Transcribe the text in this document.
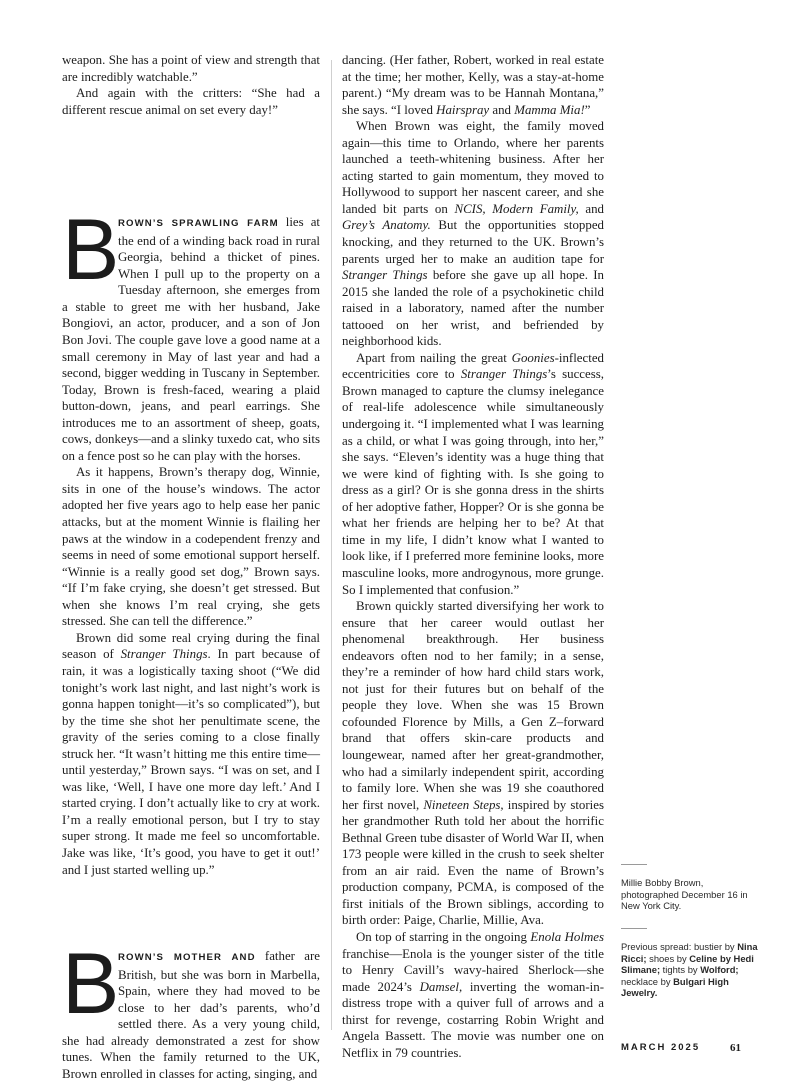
weapon. She has a point of view and strength that are incredibly watchable.”

And again with the critters: “She had a different rescue animal on set every day!”

B
ROWN’S SPRAWLING FARM lies at the end of a winding back road in rural Georgia, behind a thicket of pines. When I pull up to the property on a Tuesday afternoon, she emerges from a stable to greet me with her husband, Jake Bongiovi, an actor, producer, and a son of Jon Bon Jovi. The couple gave love a good name at a small ceremony in May of last year and had a second, bigger wedding in Tuscany in September. Today, Brown is fresh-faced, wearing a plaid button-down, jeans, and pearl earrings. She introduces me to an assortment of sheep, goats, cows, donkeys—and a slinky tuxedo cat, who sits on a fence post so he can play with the horses.

As it happens, Brown’s therapy dog, Winnie, sits in one of the house’s windows. The actor adopted her five years ago to help ease her panic attacks, but at the moment Winnie is flailing her paws at the window in a codependent frenzy and seems in need of some emotional support herself. “Winnie is a really good set dog,” Brown says. “If I’m fake crying, she doesn’t get stressed. But when she knows I’m real crying, she gets stressed. She can tell the difference.”

Brown did some real crying during the final season of Stranger Things. In part because of rain, it was a logistically taxing shoot (“We did tonight’s work last night, and last night’s work is gonna happen tonight—it’s so complicated”), but by the time she shot her penultimate scene, the gravity of the series coming to a close finally struck her. “It wasn’t hitting me this entire time—until yesterday,” Brown says. “I was on set, and I was like, ‘Well, I have one more day left.’ And I started crying. I don’t actually like to cry at work. I’m a really emotional person, but I try to stay super strong. It made me feel so uncomfortable. Jake was like, ‘It’s good, you have to get it out!’ and I just started welling up.”

B
ROWN’S MOTHER AND father are British, but she was born in Marbella, Spain, where they had moved to be close to her dad’s parents, who’d settled there. As a very young child, she had already demonstrated a zest for show tunes. When the family returned to the UK, Brown enrolled in classes for acting, singing, and

dancing. (Her father, Robert, worked in real estate at the time; her mother, Kelly, was a stay-at-home parent.) “My dream was to be Hannah Montana,” she says. “I loved Hairspray and Mamma Mia!”

When Brown was eight, the family moved again—this time to Orlando, where her parents launched a teeth-whitening business. After her acting started to gain momentum, they moved to Hollywood to support her nascent career, and she landed bit parts on NCIS, Modern Family, and Grey’s Anatomy. But the opportunities stopped knocking, and they returned to the UK. Brown’s parents urged her to make an audition tape for Stranger Things before she gave up all hope. In 2015 she landed the role of a psychokinetic child raised in a laboratory, named after the number tattooed on her wrist, and befriended by neighborhood kids.

Apart from nailing the great Goonies-inflected eccentricities core to Stranger Things’s success, Brown managed to capture the clumsy inelegance of real-life adolescence while simultaneously undergoing it. “I implemented what I was learning as a child, or what I was going through, into her,” she says. “Eleven’s identity was a huge thing that we were kind of fighting with. Is she going to dress as a girl? Or is she gonna dress in the shirts of her adoptive father, Hopper? Or is she gonna be what her friends are helping her to be? At that time in my life, I didn’t know what I wanted to look like, if I preferred more feminine looks, more masculine looks, more androgynous, more grunge. So I implemented that confusion.”

Brown quickly started diversifying her work to ensure that her career would outlast her phenomenal breakthrough. Her business endeavors often nod to her family; in a sense, they’re a reminder of how hard child stars work, not just for their futures but on behalf of the people they love. When she was 15 Brown cofounded Florence by Mills, a Gen Z–forward brand that offers skin-care products and loungewear, named after her great-grandmother, who had a similarly independent spirit, according to family lore. When she was 19 she coauthored her first novel, Nineteen Steps, inspired by stories her grandmother Ruth told her about the horrific Bethnal Green tube disaster of World War II, when 173 people were killed in the crush to seek shelter from an air raid. Even the name of Brown’s production company, PCMA, is composed of the first initials of the Brown siblings, according to birth order: Paige, Charlie, Millie, Ava.

On top of starring in the ongoing Enola Holmes franchise—Enola is the younger sister of the title to Henry Cavill’s wavy-haired Sherlock—she made 2024’s Damsel, inverting the woman-in-distress trope with a quiver full of arrows and a thirst for revenge, costarring Robin Wright and Angela Bassett. The movie was number one on Netflix in 79 countries.

Millie Bobby Brown, photographed December 16 in New York City.
Previous spread: bustier by Nina Ricci; shoes by Celine by Hedi Slimane; tights by Wolford; necklace by Bulgari High Jewelry.
MARCH 2025	61
